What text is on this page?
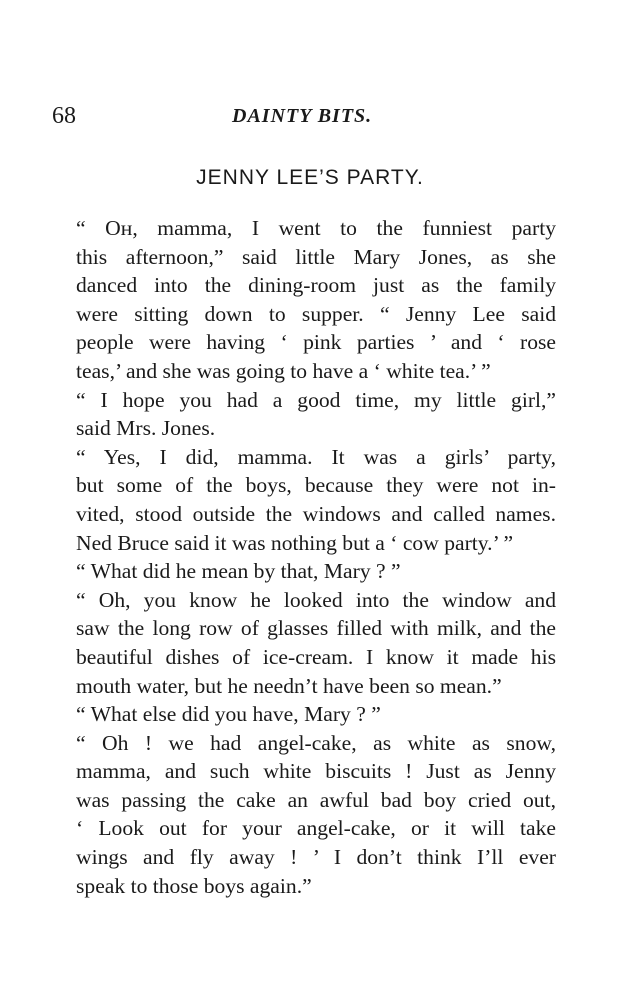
68	DAINTY BITS.
JENNY LEE’S PARTY.

“ Oʜ, mamma, I went to the funniest party
this afternoon,” said little Mary Jones, as she
danced into the dining-room just as the family
were sitting down to supper. “ Jenny Lee said
people were having ‘ pink parties ’ and ‘ rose
teas,’ and she was going to have a ‘ white tea.’ ”

“ I hope you had a good time, my little girl,”
said Mrs. Jones.

“ Yes, I did, mamma. It was a girls’ party,
but some of the boys, because they were not in-
vited, stood outside the windows and called names.
Ned Bruce said it was nothing but a ‘ cow party.’ ”

“ What did he mean by that, Mary ? ”

“ Oh, you know he looked into the window and
saw the long row of glasses filled with milk, and the
beautiful dishes of ice-cream. I know it made his
mouth water, but he needn’t have been so mean.”

“ What else did you have, Mary ? ”

“ Oh ! we had angel-cake, as white as snow,
mamma, and such white biscuits ! Just as Jenny
was passing the cake an awful bad boy cried out,
‘ Look out for your angel-cake, or it will take
wings and fly away ! ’ I don’t think I’ll ever
speak to those boys again.”
